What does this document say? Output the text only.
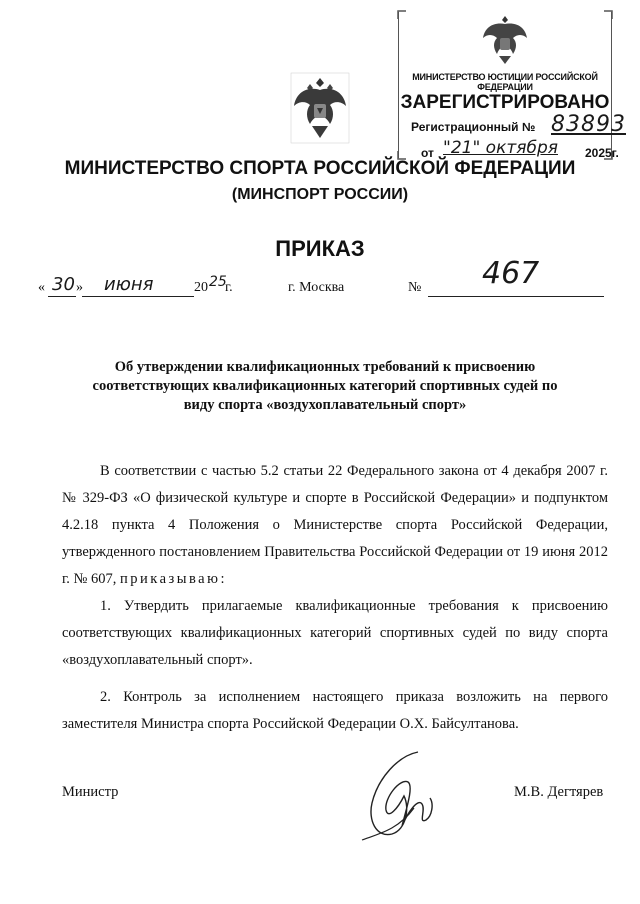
МИНИСТЕРСТВО ЮСТИЦИИ РОССИЙСКОЙ ФЕДЕРАЦИИ
ЗАРЕГИСТРИРОВАНО
Регистрационный № 83893
от "21" октября 2025г.
МИНИСТЕРСТВО СПОРТА РОССИЙСКОЙ ФЕДЕРАЦИИ
(МИНСПОРТ РОССИИ)
ПРИКАЗ
« 30 » июня	20 25
г.	г. Москва	№ 467
Об утверждении квалификационных требований к присвоению соответствующих квалификационных категорий спортивных судей по виду спорта «воздухоплавательный спорт»

В соответствии с частью 5.2 статьи 22 Федерального закона от 4 декабря 2007 г. № 329-ФЗ «О физической культуре и спорте в Российской Федерации» и подпунктом 4.2.18 пункта 4 Положения о Министерстве спорта Российской Федерации, утвержденного постановлением Правительства Российской Федерации от 19 июня 2012 г. № 607, приказываю:

1. Утвердить прилагаемые квалификационные требования к присвоению соответствующих квалификационных категорий спортивных судей по виду спорта «воздухоплавательный спорт».

2. Контроль за исполнением настоящего приказа возложить на первого заместителя Министра спорта Российской Федерации О.Х. Байсултанова.

Министр	М.В. Дегтярев
